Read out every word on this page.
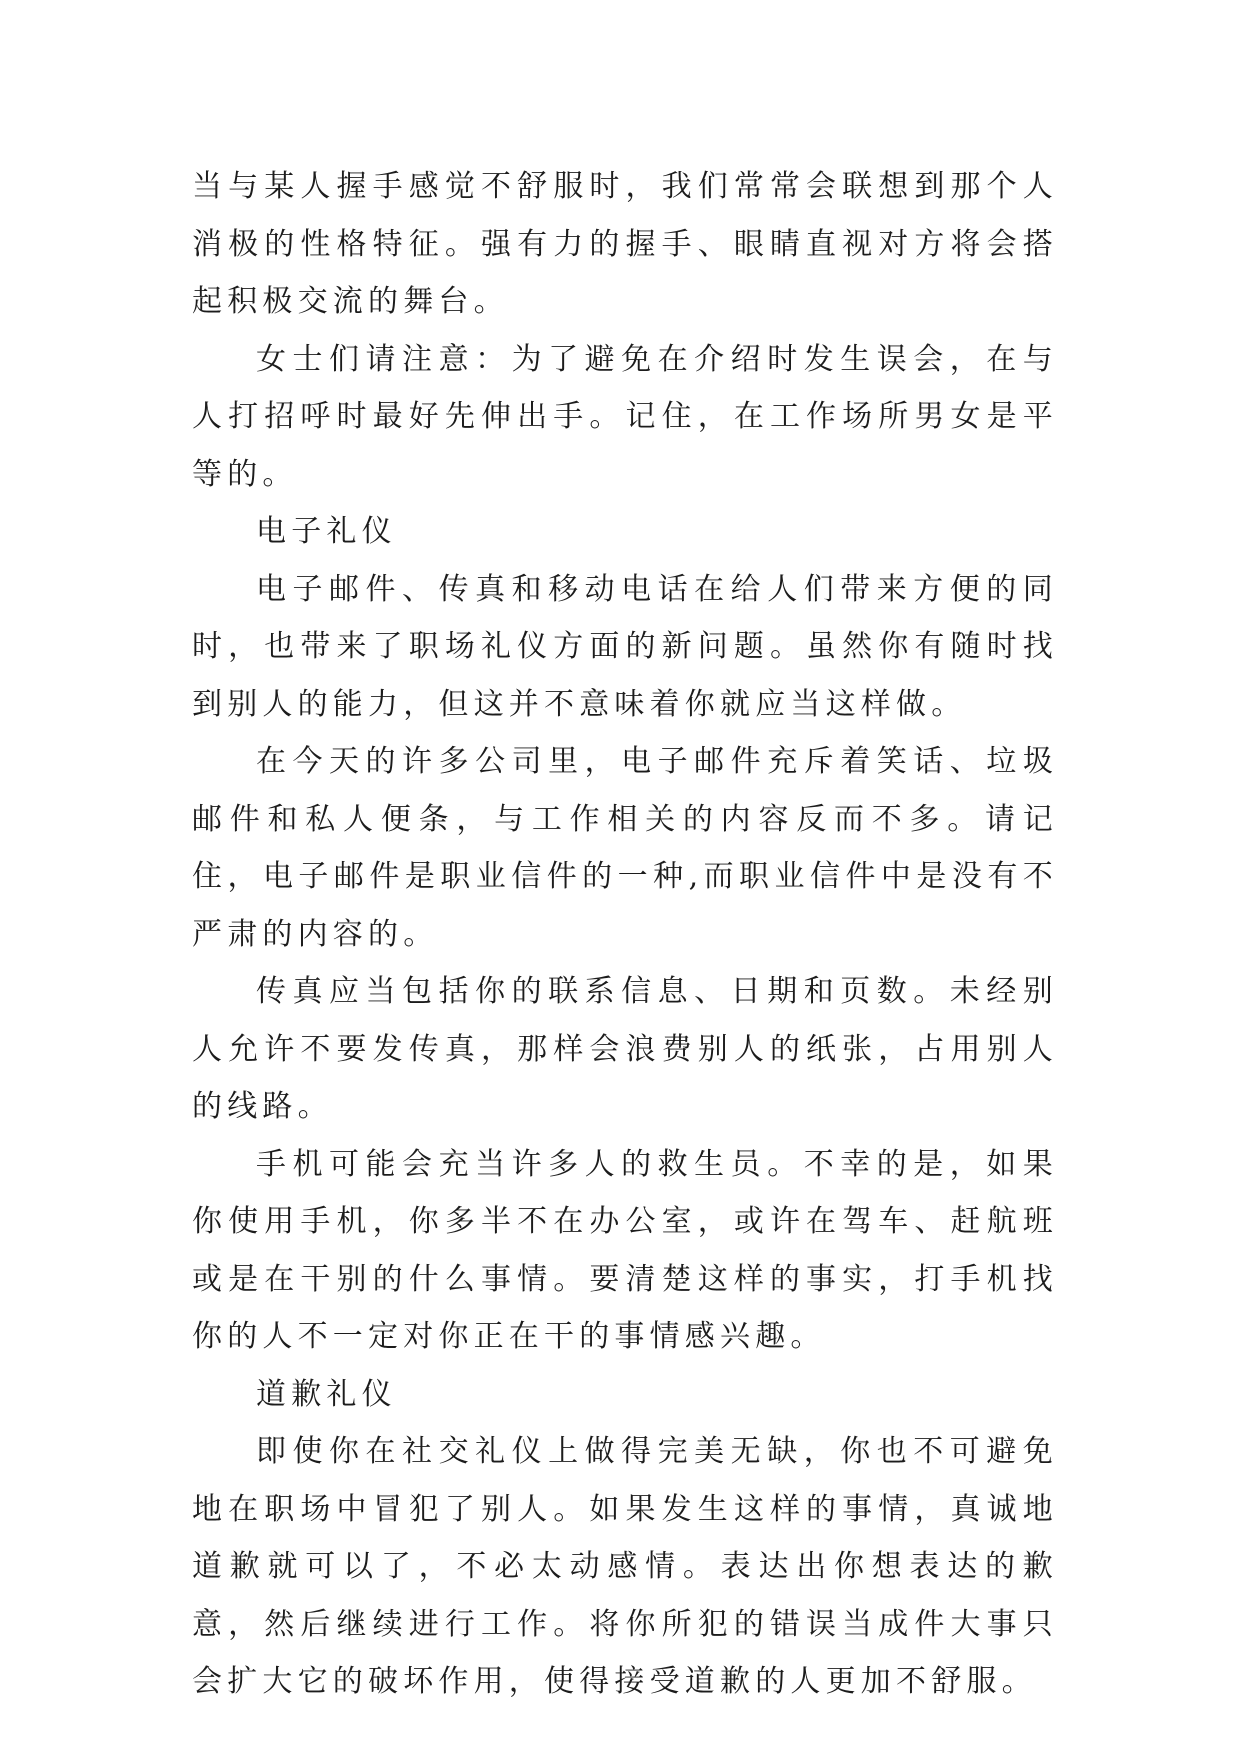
当与某人握手感觉不舒服时，我们常常会联想到那个人消极的性格特征。强有力的握手、眼睛直视对方将会搭起积极交流的舞台。

女士们请注意：为了避免在介绍时发生误会，在与人打招呼时最好先伸出手。记住，在工作场所男女是平等的。

电子礼仪

电子邮件、传真和移动电话在给人们带来方便的同时，也带来了职场礼仪方面的新问题。虽然你有随时找到别人的能力，但这并不意味着你就应当这样做。

在今天的许多公司里，电子邮件充斥着笑话、垃圾邮件和私人便条，与工作相关的内容反而不多。请记住，电子邮件是职业信件的一种,而职业信件中是没有不严肃的内容的。

传真应当包括你的联系信息、日期和页数。未经别人允许不要发传真，那样会浪费别人的纸张，占用别人的线路。

手机可能会充当许多人的救生员。不幸的是，如果你使用手机，你多半不在办公室，或许在驾车、赶航班或是在干别的什么事情。要清楚这样的事实，打手机找你的人不一定对你正在干的事情感兴趣。

道歉礼仪

即使你在社交礼仪上做得完美无缺，你也不可避免地在职场中冒犯了别人。如果发生这样的事情，真诚地道歉就可以了，不必太动感情。表达出你想表达的歉意，然后继续进行工作。将你所犯的错误当成件大事只会扩大它的破坏作用，使得接受道歉的人更加不舒服。
